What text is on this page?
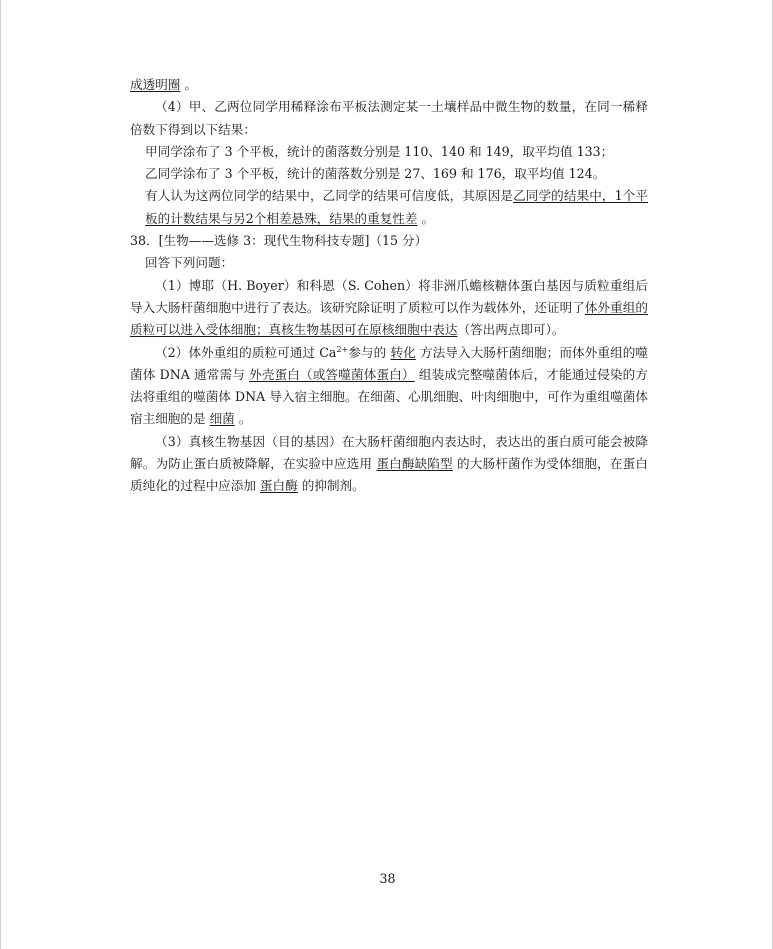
成透明圈 。

（4）甲、乙两位同学用稀释涂布平板法测定某一土壤样品中微生物的数量，在同一稀释倍数下得到以下结果：

甲同学涂布了 3 个平板，统计的菌落数分别是 110、140 和 149，取平均值 133；

乙同学涂布了 3 个平板，统计的菌落数分别是 27、169 和 176，取平均值 124。

有人认为这两位同学的结果中，乙同学的结果可信度低，其原因是乙同学的结果中，1个平板的计数结果与另2个相差悬殊，结果的重复性差 。

38．[生物——选修 3：现代生物科技专题]（15 分）

回答下列问题：

（1）博耶（H. Boyer）和科恩（S. Cohen）将非洲爪蟾核糖体蛋白基因与质粒重组后导入大肠杆菌细胞中进行了表达。该研究除证明了质粒可以作为载体外，还证明了体外重组的质粒可以进入受体细胞；真核生物基因可在原核细胞中表达（答出两点即可）。

（2）体外重组的质粒可通过 $Ca^{2+}$参与的 转化 方法导入大肠杆菌细胞；而体外重组的噬菌体 DNA 通常需与 外壳蛋白（或答噬菌体蛋白） 组装成完整噬菌体后，才能通过侵染的方法将重组的噬菌体 DNA 导入宿主细胞。在细菌、心肌细胞、叶肉细胞中，可作为重组噬菌体宿主细胞的是 细菌 。

（3）真核生物基因（目的基因）在大肠杆菌细胞内表达时，表达出的蛋白质可能会被降解。为防止蛋白质被降解，在实验中应选用 蛋白酶缺陷型 的大肠杆菌作为受体细胞，在蛋白质纯化的过程中应添加 蛋白酶 的抑制剂。

38
